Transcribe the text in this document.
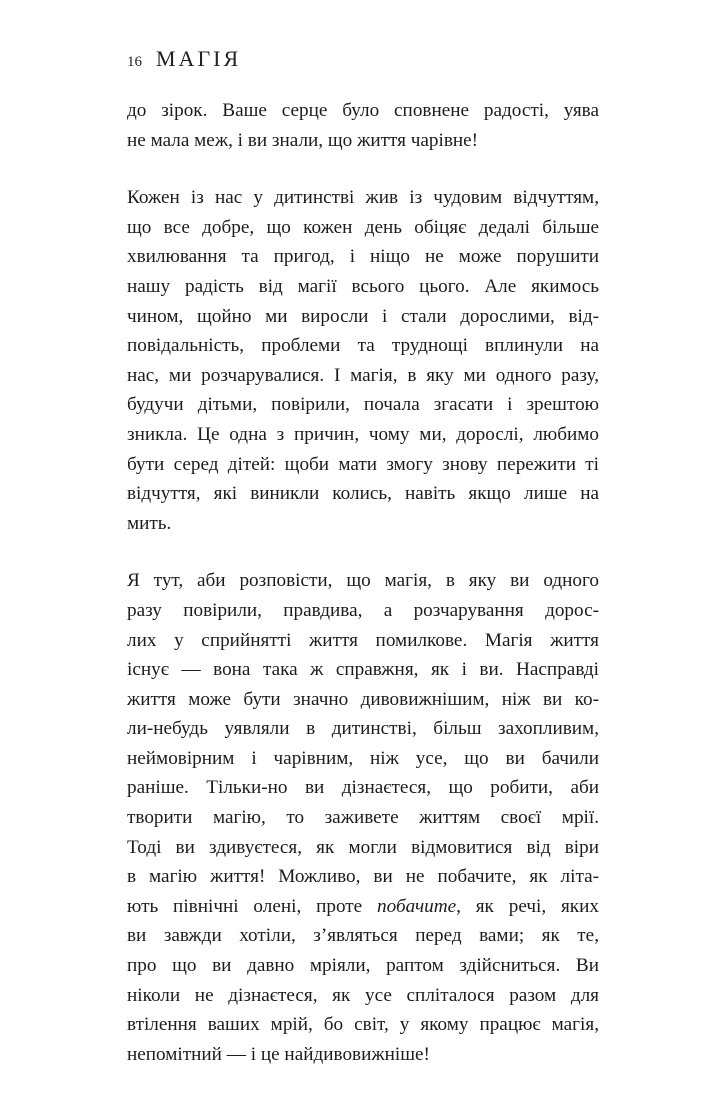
16 МАГІЯ

до зірок. Ваше серце було сповнене радості, уява
не мала меж, і ви знали, що життя чарівне!

Кожен із нас у дитинстві жив із чудовим відчуттям,
що все добре, що кожен день обіцяє дедалі більше
хвилювання та пригод, і ніщо не може порушити
нашу радість від магії всього цього. Але якимось
чином, щойно ми виросли і стали дорослими, від-
повідальність, проблеми та труднощі вплинули на
нас, ми розчарувалися. І магія, в яку ми одного разу,
будучи дітьми, повірили, почала згасати і зрештою
зникла. Це одна з причин, чому ми, дорослі, любимо
бути серед дітей: щоби мати змогу знову пережити ті
відчуття, які виникли колись, навіть якщо лише на
мить.

Я тут, аби розповісти, що магія, в яку ви одного
разу повірили, правдива, а розчарування дорос-
лих у сприйнятті життя помилкове. Магія життя
існує — вона така ж справжня, як і ви. Насправді
життя може бути значно дивовижнішим, ніж ви ко-
ли-небудь уявляли в дитинстві, більш захопливим,
неймовірним і чарівним, ніж усе, що ви бачили
раніше. Тільки-но ви дізнаєтеся, що робити, аби
творити магію, то заживете життям своєї мрії.
Тоді ви здивуєтеся, як могли відмовитися від віри
в магію життя! Можливо, ви не побачите, як літа-
ють північні олені, проте побачите, як речі, яких
ви завжди хотіли, з’являться перед вами; як те,
про що ви давно мріяли, раптом здійсниться. Ви
ніколи не дізнаєтеся, як усе спліталося разом для
втілення ваших мрій, бо світ, у якому працює магія,
непомітний — і це найдивовижніше!
